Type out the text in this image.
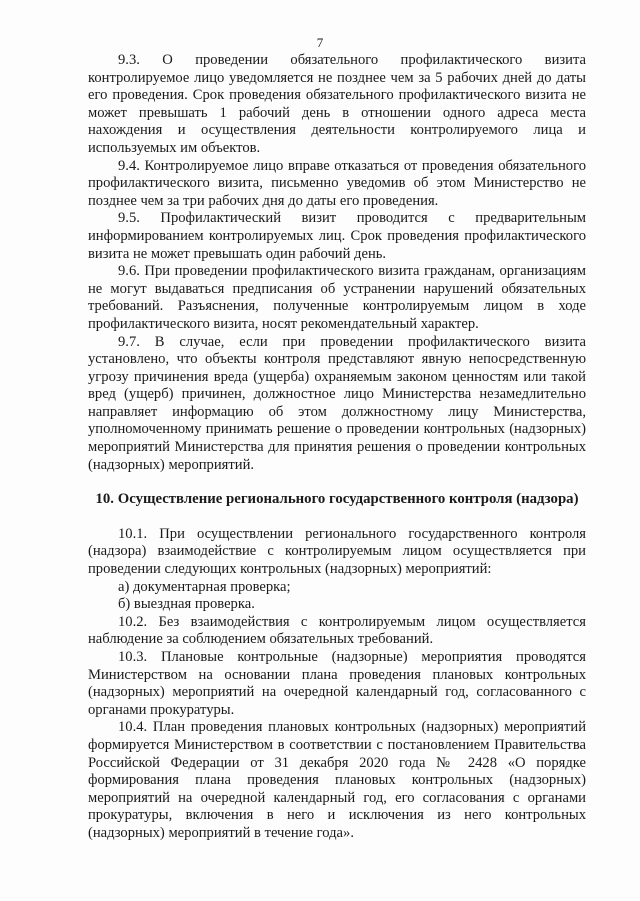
7

9.3. О проведении обязательного профилактического визита контролируемое лицо уведомляется не позднее чем за 5 рабочих дней до даты его проведения. Срок проведения обязательного профилактического визита не может превышать 1 рабочий день в отношении одного адреса места нахождения и осуществления деятельности контролируемого лица и используемых им объектов.

9.4. Контролируемое лицо вправе отказаться от проведения обязательного профилактического визита, письменно уведомив об этом Министерство не позднее чем за три рабочих дня до даты его проведения.

9.5. Профилактический визит проводится с предварительным информированием контролируемых лиц. Срок проведения профилактического визита не может превышать один рабочий день.

9.6. При проведении профилактического визита гражданам, организациям не могут выдаваться предписания об устранении нарушений обязательных требований. Разъяснения, полученные контролируемым лицом в ходе профилактического визита, носят рекомендательный характер.

9.7. В случае, если при проведении профилактического визита установлено, что объекты контроля представляют явную непосредственную угрозу причинения вреда (ущерба) охраняемым законом ценностям или такой вред (ущерб) причинен, должностное лицо Министерства незамедлительно направляет информацию об этом должностному лицу Министерства, уполномоченному принимать решение о проведении контрольных (надзорных) мероприятий Министерства для принятия решения о проведении контрольных (надзорных) мероприятий.

10. Осуществление регионального государственного контроля (надзора)

10.1. При осуществлении регионального государственного контроля (надзора) взаимодействие с контролируемым лицом осуществляется при проведении следующих контрольных (надзорных) мероприятий:

а) документарная проверка;

б) выездная проверка.

10.2. Без взаимодействия с контролируемым лицом осуществляется наблюдение за соблюдением обязательных требований.

10.3. Плановые контрольные (надзорные) мероприятия проводятся Министерством на основании плана проведения плановых контрольных (надзорных) мероприятий на очередной календарный год, согласованного с органами прокуратуры.

10.4. План проведения плановых контрольных (надзорных) мероприятий формируется Министерством в соответствии с постановлением Правительства Российской Федерации от 31 декабря 2020 года № 2428 «О порядке формирования плана проведения плановых контрольных (надзорных) мероприятий на очередной календарный год, его согласования с органами прокуратуры, включения в него и исключения из него контрольных (надзорных) мероприятий в течение года».
